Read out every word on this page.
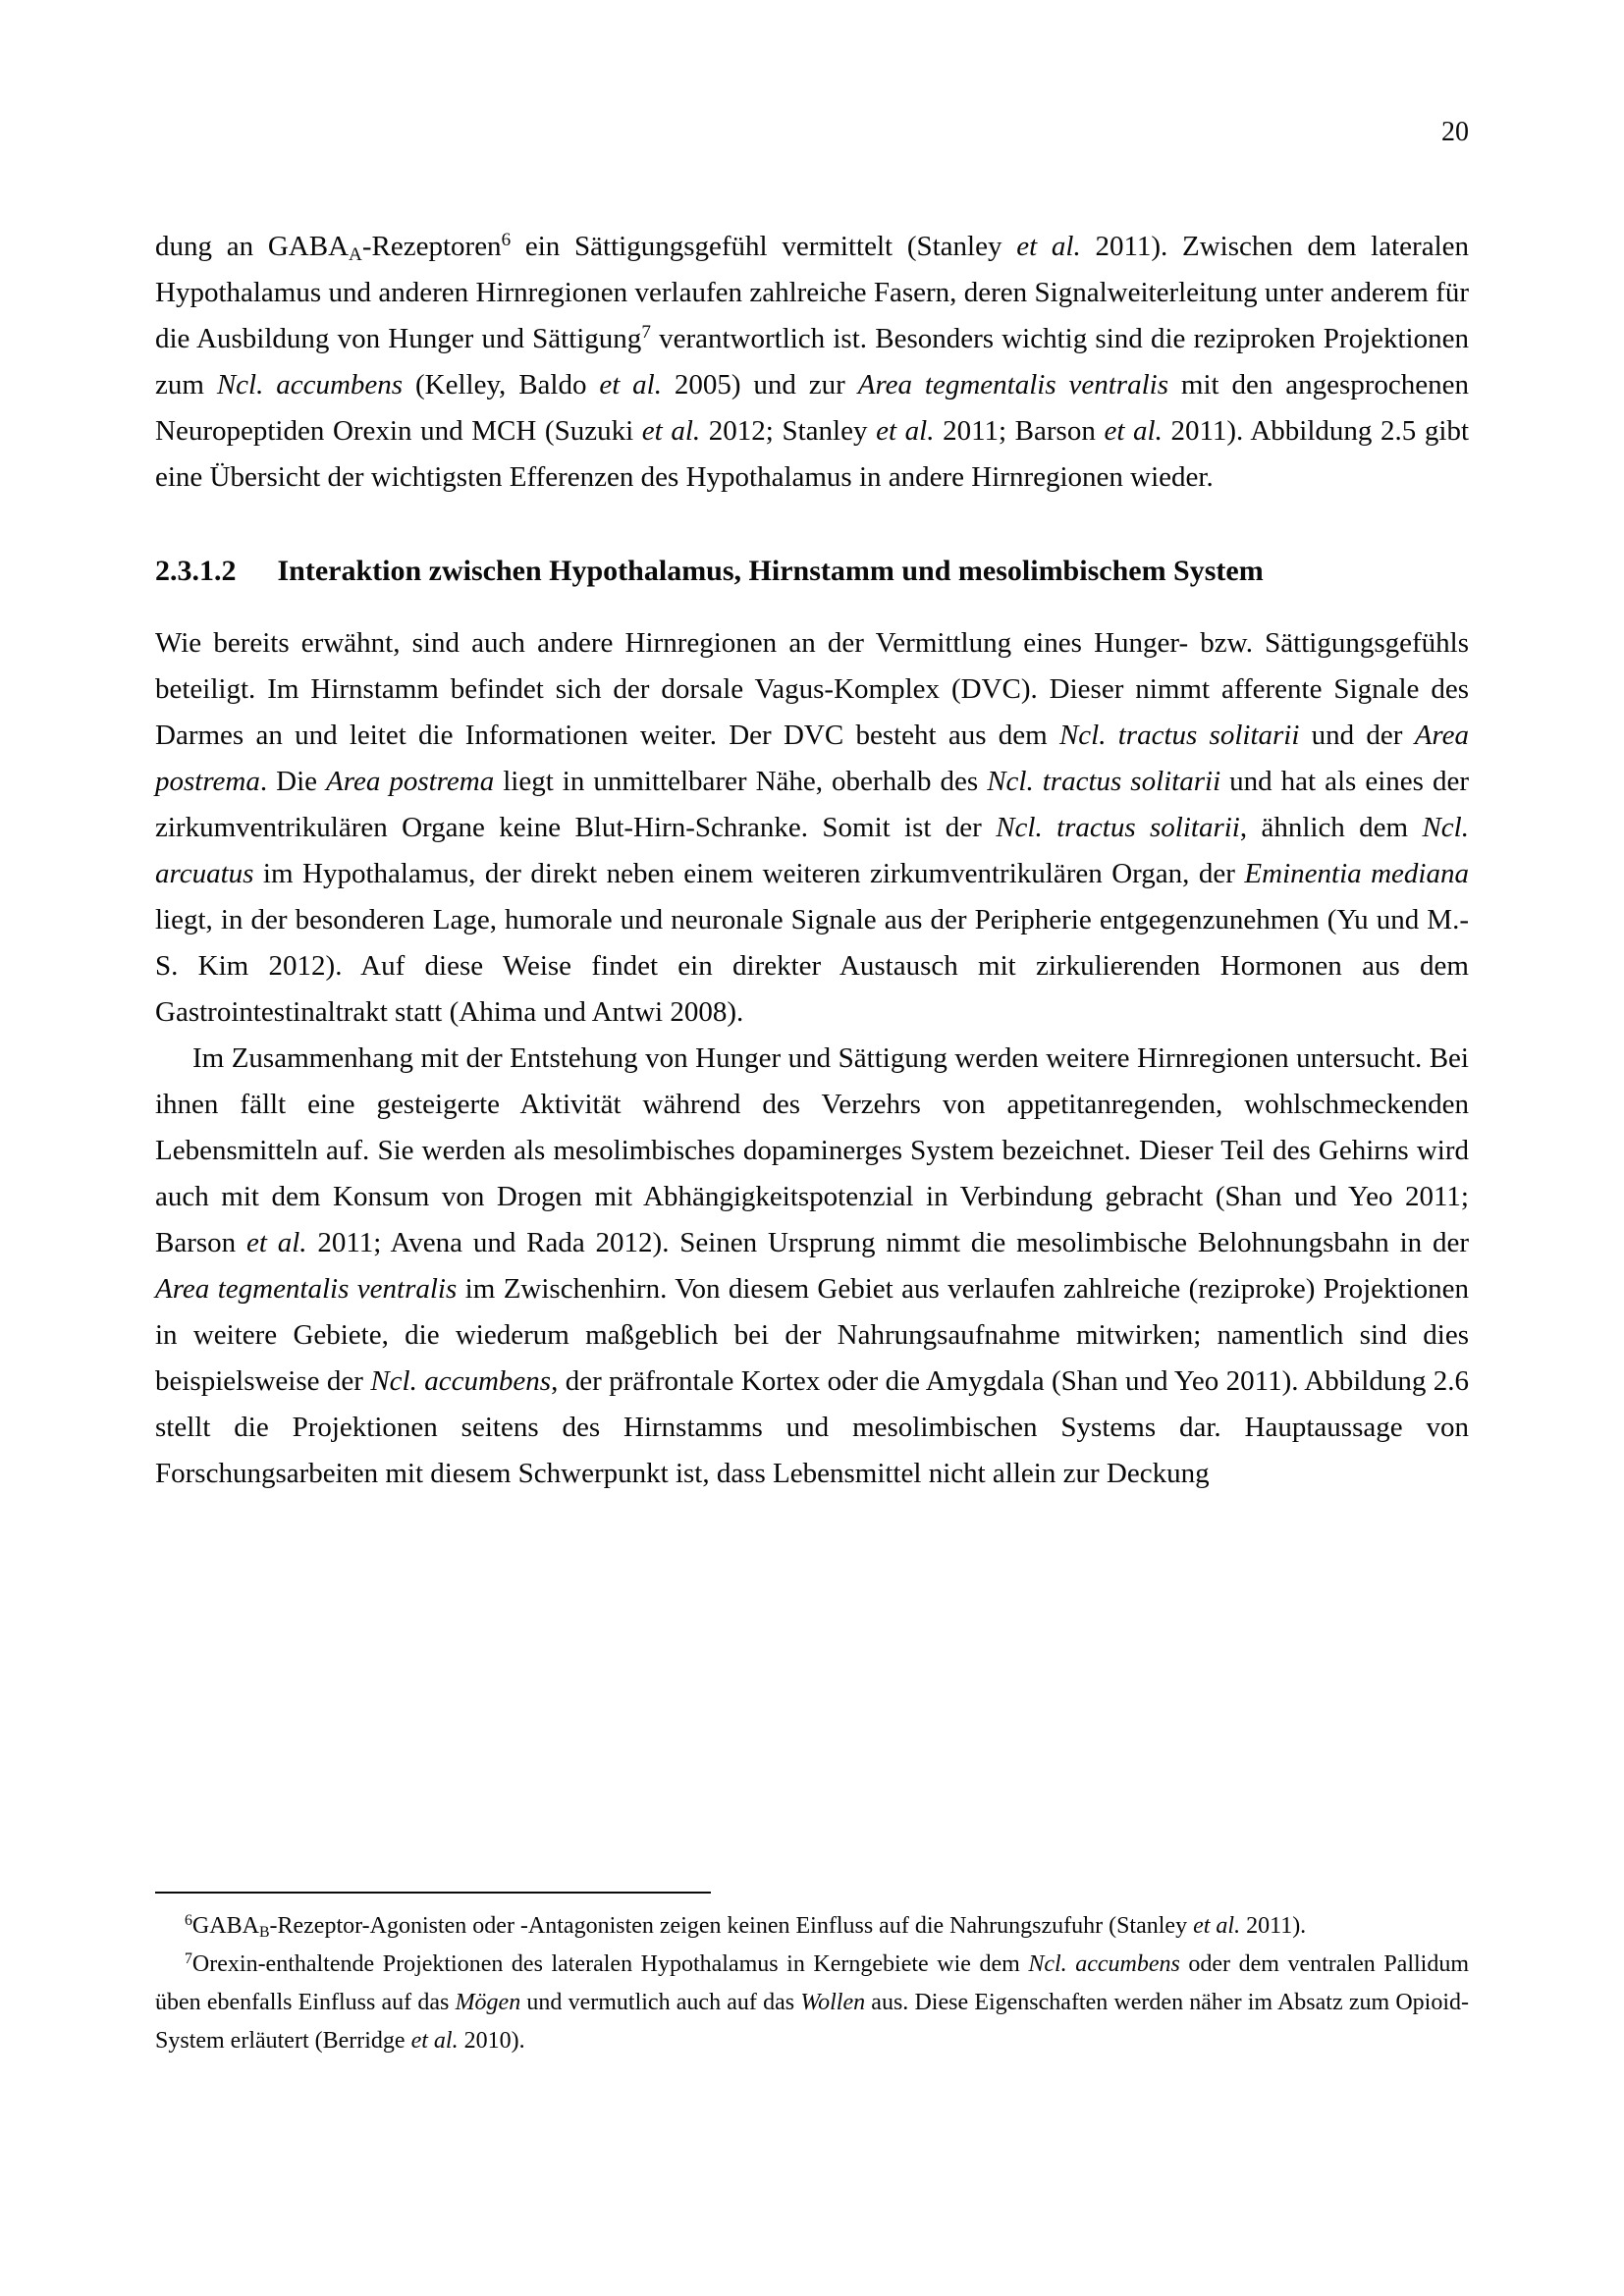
20

dung an $GABA_A-Rezeptoren^6$ ein Sättigungsgefühl vermittelt (Stanley et al. 2011). Zwischen dem lateralen Hypothalamus und anderen Hirnregionen verlaufen zahlreiche Fasern, deren Signalweiterleitung unter anderem für die Ausbildung von Hunger und Sättigung$^7$ verantwortlich ist. Besonders wichtig sind die reziproken Projektionen zum Ncl. accumbens (Kelley, Baldo et al. 2005) und zur Area tegmentalis ventralis mit den angesprochenen Neuropeptiden Orexin und MCH (Suzuki et al. 2012; Stanley et al. 2011; Barson et al. 2011). Abbildung 2.5 gibt eine Übersicht der wichtigsten Efferenzen des Hypothalamus in andere Hirnregionen wieder.

2.3.1.2 Interaktion zwischen Hypothalamus, Hirnstamm und mesolimbischem System

Wie bereits erwähnt, sind auch andere Hirnregionen an der Vermittlung eines Hunger- bzw. Sättigungsgefühls beteiligt. Im Hirnstamm befindet sich der dorsale Vagus-Komplex (DVC). Dieser nimmt afferente Signale des Darmes an und leitet die Informationen weiter. Der DVC besteht aus dem Ncl. tractus solitarii und der Area postrema. Die Area postrema liegt in unmittelbarer Nähe, oberhalb des Ncl. tractus solitarii und hat als eines der zirkumventrikulären Organe keine Blut-Hirn-Schranke. Somit ist der Ncl. tractus solitarii, ähnlich dem Ncl. arcuatus im Hypothalamus, der direkt neben einem weiteren zirkumventrikulären Organ, der Eminentia mediana liegt, in der besonderen Lage, humorale und neuronale Signale aus der Peripherie entgegenzunehmen (Yu und M.-S. Kim 2012). Auf diese Weise findet ein direkter Austausch mit zirkulierenden Hormonen aus dem Gastrointestinaltrakt statt (Ahima und Antwi 2008).

Im Zusammenhang mit der Entstehung von Hunger und Sättigung werden weitere Hirnregionen untersucht. Bei ihnen fällt eine gesteigerte Aktivität während des Verzehrs von appetitanregenden, wohlschmeckenden Lebensmitteln auf. Sie werden als mesolimbisches dopaminerges System bezeichnet. Dieser Teil des Gehirns wird auch mit dem Konsum von Drogen mit Abhängigkeitspotenzial in Verbindung gebracht (Shan und Yeo 2011; Barson et al. 2011; Avena und Rada 2012). Seinen Ursprung nimmt die mesolimbische Belohnungsbahn in der Area tegmentalis ventralis im Zwischenhirn. Von diesem Gebiet aus verlaufen zahlreiche (reziproke) Projektionen in weitere Gebiete, die wiederum maßgeblich bei der Nahrungsaufnahme mitwirken; namentlich sind dies beispielsweise der Ncl. accumbens, der präfrontale Kortex oder die Amygdala (Shan und Yeo 2011). Abbildung 2.6 stellt die Projektionen seitens des Hirnstamms und mesolimbischen Systems dar. Hauptaussage von Forschungsarbeiten mit diesem Schwerpunkt ist, dass Lebensmittel nicht allein zur Deckung

$^6GABA_B-Rezeptor$-Agonisten oder -Antagonisten zeigen keinen Einfluss auf die Nahrungszufuhr (Stanley et al. 2011).

$^7$Orexin-enthaltende Projektionen des lateralen Hypothalamus in Kerngebiete wie dem Ncl. accumbens oder dem ventralen Pallidum üben ebenfalls Einfluss auf das Mögen und vermutlich auch auf das Wollen aus. Diese Eigenschaften werden näher im Absatz zum Opioid-System erläutert (Berridge et al. 2010).
